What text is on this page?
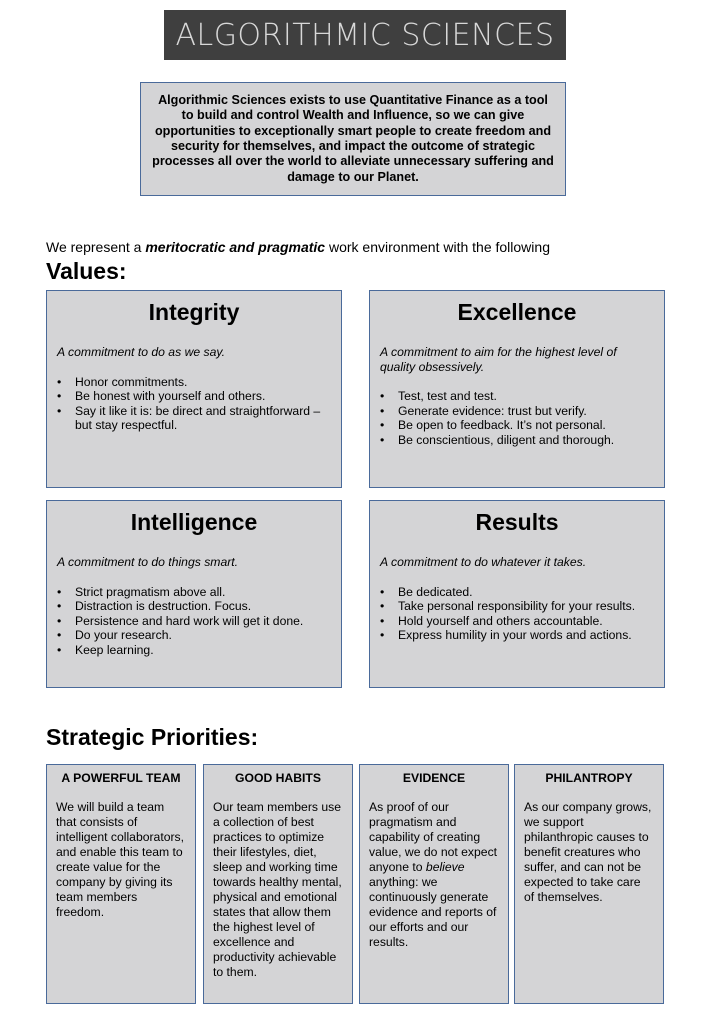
ALGORITHMIC SCIENCES
Algorithmic Sciences exists to use Quantitative Finance as a tool to build and control Wealth and Influence, so we can give opportunities to exceptionally smart people to create freedom and security for themselves, and impact the outcome of strategic processes all over the world to alleviate unnecessary suffering and damage to our Planet.
We represent a meritocratic and pragmatic work environment with the following
Values:
Integrity
A commitment to do as we say.
• Honor commitments.
• Be honest with yourself and others.
• Say it like it is: be direct and straightforward – but stay respectful.
Excellence
A commitment to aim for the highest level of quality obsessively.
• Test, test and test.
• Generate evidence: trust but verify.
• Be open to feedback. It’s not personal.
• Be conscientious, diligent and thorough.
Intelligence
A commitment to do things smart.
• Strict pragmatism above all.
• Distraction is destruction. Focus.
• Persistence and hard work will get it done.
• Do your research.
• Keep learning.
Results
A commitment to do whatever it takes.
• Be dedicated.
• Take personal responsibility for your results.
• Hold yourself and others accountable.
• Express humility in your words and actions.
Strategic Priorities:
A POWERFUL TEAM

We will build a team that consists of intelligent collaborators, and enable this team to create value for the company by giving its team members freedom.

GOOD HABITS

Our team members use a collection of best practices to optimize their lifestyles, diet, sleep and working time towards healthy mental, physical and emotional states that allow them the highest level of excellence and productivity achievable to them.

EVIDENCE

As proof of our pragmatism and capability of creating value, we do not expect anyone to believe anything: we continuously generate evidence and reports of our efforts and our results.

PHILANTROPY

As our company grows, we support philanthropic causes to benefit creatures who suffer, and can not be expected to take care of themselves.
